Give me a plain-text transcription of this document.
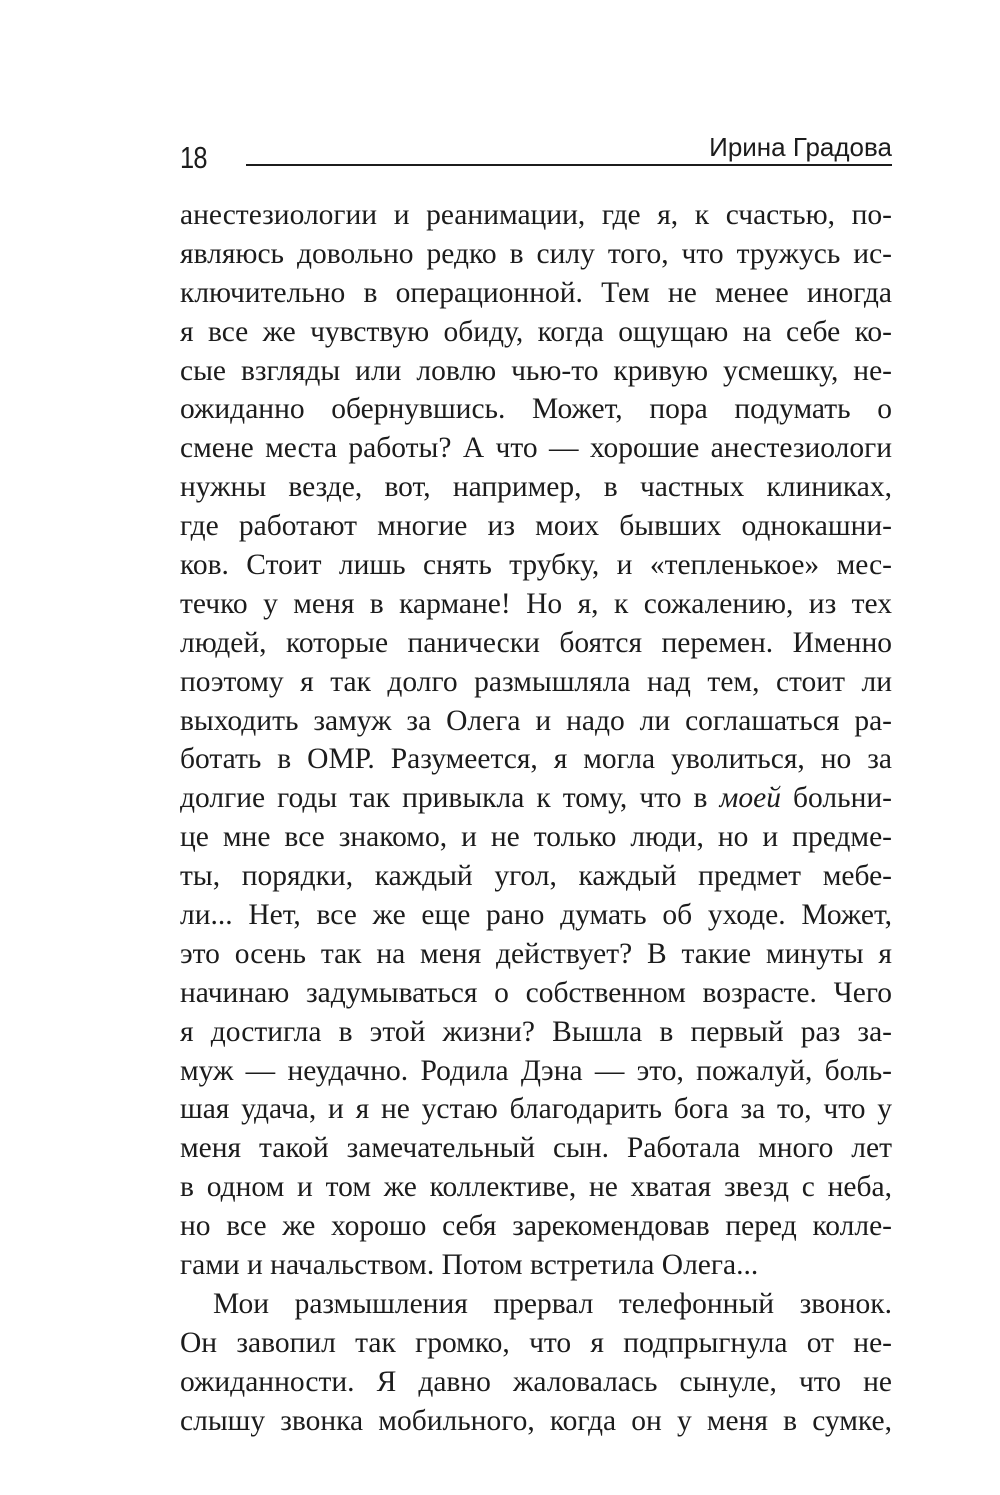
18	Ирина Градова
анестезиологии и реанимации, где я, к счастью, по-
являюсь довольно редко в силу того, что тружусь ис-
ключительно в операционной. Тем не менее иногда
я все же чувствую обиду, когда ощущаю на себе ко-
сые взгляды или ловлю чью-то кривую усмешку, не-
ожиданно обернувшись. Может, пора подумать о
смене места работы? А что — хорошие анестезиологи
нужны везде, вот, например, в частных клиниках,
где работают многие из моих бывших однокашни-
ков. Стоит лишь снять трубку, и «тепленькое» мес-
течко у меня в кармане! Но я, к сожалению, из тех
людей, которые панически боятся перемен. Именно
поэтому я так долго размышляла над тем, стоит ли
выходить замуж за Олега и надо ли соглашаться ра-
ботать в ОМР. Разумеется, я могла уволиться, но за
долгие годы так привыкла к тому, что в моей больни-
це мне все знакомо, и не только люди, но и предме-
ты, порядки, каждый угол, каждый предмет мебе-
ли... Нет, все же еще рано думать об уходе. Может,
это осень так на меня действует? В такие минуты я
начинаю задумываться о собственном возрасте. Чего
я достигла в этой жизни? Вышла в первый раз за-
муж — неудачно. Родила Дэна — это, пожалуй, боль-
шая удача, и я не устаю благодарить бога за то, что у
меня такой замечательный сын. Работала много лет
в одном и том же коллективе, не хватая звезд с неба,
но все же хорошо себя зарекомендовав перед колле-
гами и начальством. Потом встретила Олега...
Мои размышления прервал телефонный звонок.
Он завопил так громко, что я подпрыгнула от не-
ожиданности. Я давно жаловалась сынуле, что не
слышу звонка мобильного, когда он у меня в сумке,
